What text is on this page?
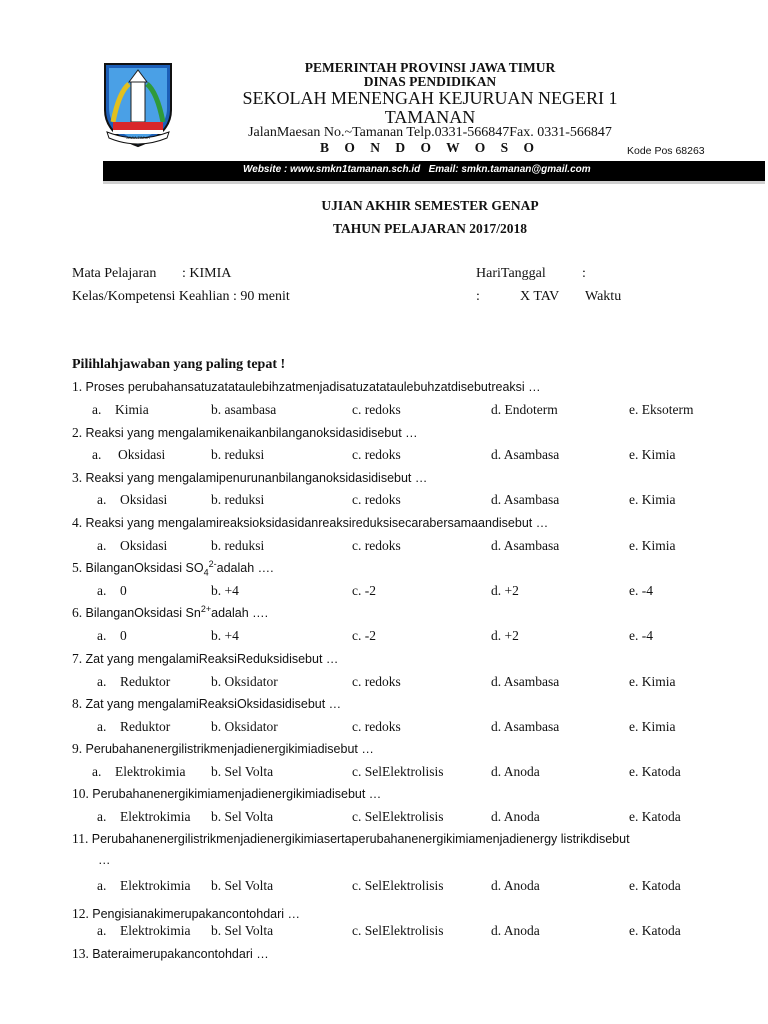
JAWA TIMUR
PEMERINTAH PROVINSI JAWA TIMUR
DINAS PENDIDIKAN
SEKOLAH MENENGAH KEJURUAN NEGERI 1
TAMANAN
JalanMaesan No.~Tamanan Telp.0331-566847Fax. 0331-566847
B O N D O W O S O	Kode Pos 68263
Website : www.smkn1tamanan.sch.id   Email: smkn.tamanan@gmail.com
UJIAN AKHIR SEMESTER GENAP
TAHUN PELAJARAN 2017/2018
Mata Pelajaran : KIMIA	HariTanggal	:
Kelas/Kompetensi Keahlian : 90 menit	:	X TAV Waktu
Pilihlahjawaban yang paling tepat !
1. Proses perubahansatuzatataulebihzatmenjadisatuzatataulebuhzatdisebutreaksi …
a. Kimia	b. asambasa	c. redoks	d. Endoterm	e. Eksoterm
2. Reaksi yang mengalamikenaikanbilanganoksidasidisebut …
a. Oksidasi	b. reduksi	c. redoks	d. Asambasa	e. Kimia
3. Reaksi yang mengalamipenurunanbilanganoksidasidisebut …
a. Oksidasi	b. reduksi	c. redoks	d. Asambasa	e. Kimia
4. Reaksi yang mengalamireaksioksidasidanreaksireduksisecarabersamaandisebut …
a. Oksidasi	b. reduksi	c. redoks	d. Asambasa	e. Kimia
5. BilanganOksidasi $SO_4^{2-}adalah$ ….
a. 0	b. +4	c. -2	d. +2	e. -4
6. BilanganOksidasi $Sn^{2+}adalah$ ….
a. 0	b. +4	c. -2	d. +2	e. -4
7. Zat yang mengalamiReaksiReduksidisebut …
a. Reduktor	b. Oksidator	c. redoks	d. Asambasa	e. Kimia
8. Zat yang mengalamiReaksiOksidasidisebut …
a. Reduktor	b. Oksidator	c. redoks	d. Asambasa	e. Kimia
9. Perubahanenergilistrikmenjadienergikimiadisebut …
a. Elektrokimia b. Sel Volta	c. SelElektrolisis	d. Anoda	e. Katoda
10. Perubahanenergikimiamenjadienergikimiadisebut …
a. Elektrokimia b. Sel Volta	c. SelElektrolisis	d. Anoda	e. Katoda
11. Perubahanenergilistrikmenjadienergikimiasertaperubahanenergikimiamenjadienergy listrikdisebut
…
a. Elektrokimia b. Sel Volta	c. SelElektrolisis	d. Anoda	e. Katoda
12. Pengisianakimerupakancontohdari …
a. Elektrokimia b. Sel Volta	c. SelElektrolisis	d. Anoda	e. Katoda
13. Bateraimerupakancontohdari …
